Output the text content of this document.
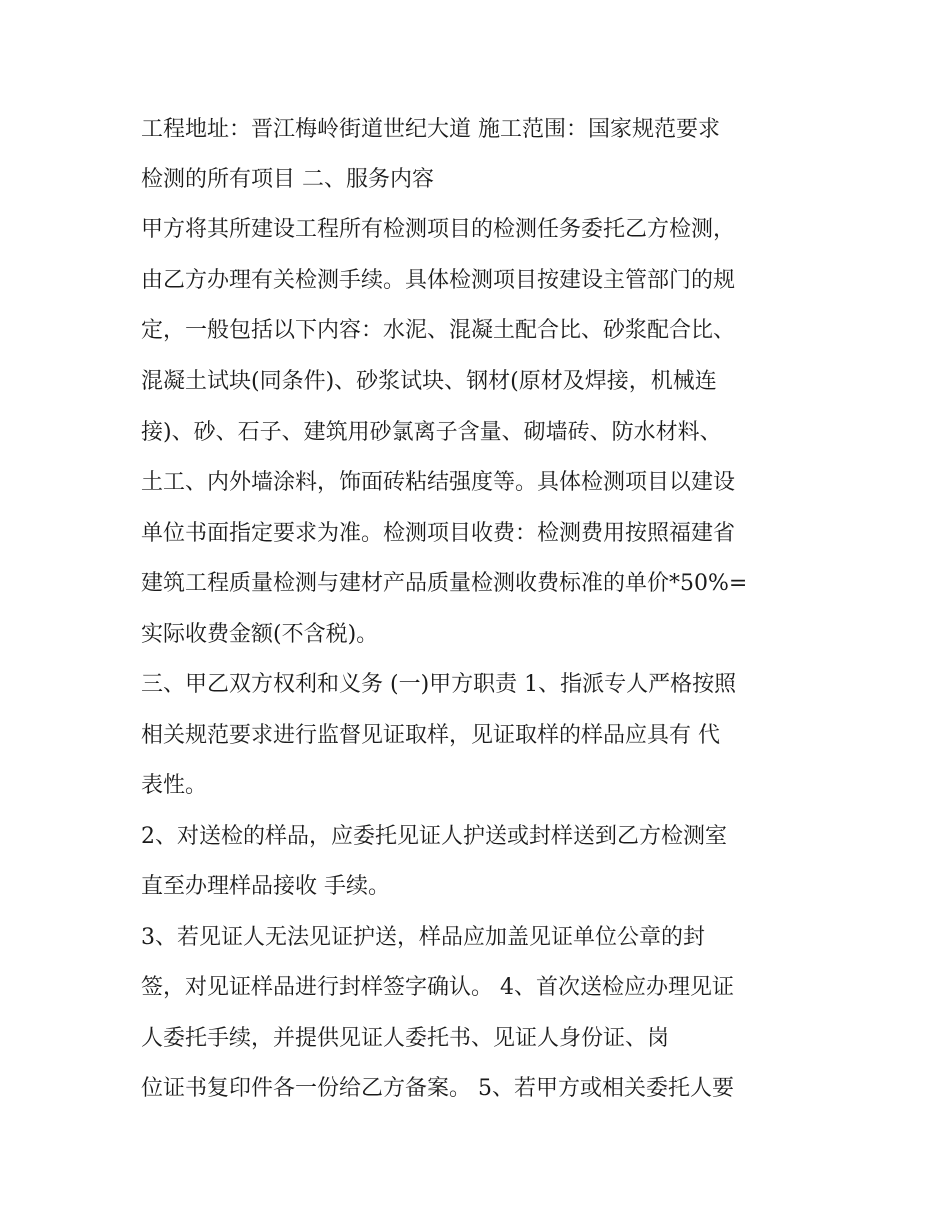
工程地址：晋江梅岭街道世纪大道 施工范围：国家规范要求
检测的所有项目 二、服务内容
甲方将其所建设工程所有检测项目的检测任务委托乙方检测，
由乙方办理有关检测手续。具体检测项目按建设主管部门的规
定，一般包括以下内容：水泥、混凝土配合比、砂浆配合比、
混凝土试块(同条件)、砂浆试块、钢材(原材及焊接，机械连
接)、砂、石子、建筑用砂氯离子含量、砌墙砖、防水材料、
土工、内外墙涂料，饰面砖粘结强度等。具体检测项目以建设
单位书面指定要求为准。检测项目收费：检测费用按照福建省
建筑工程质量检测与建材产品质量检测收费标准的单价*50%=
实际收费金额(不含税)。
三、甲乙双方权利和义务 (一)甲方职责 1、指派专人严格按照
相关规范要求进行监督见证取样，见证取样的样品应具有 代
表性。
2、对送检的样品，应委托见证人护送或封样送到乙方检测室
直至办理样品接收 手续。
3、若见证人无法见证护送，样品应加盖见证单位公章的封
签，对见证样品进行封样签字确认。 4、首次送检应办理见证
人委托手续，并提供见证人委托书、见证人身份证、岗
位证书复印件各一份给乙方备案。 5、若甲方或相关委托人要
